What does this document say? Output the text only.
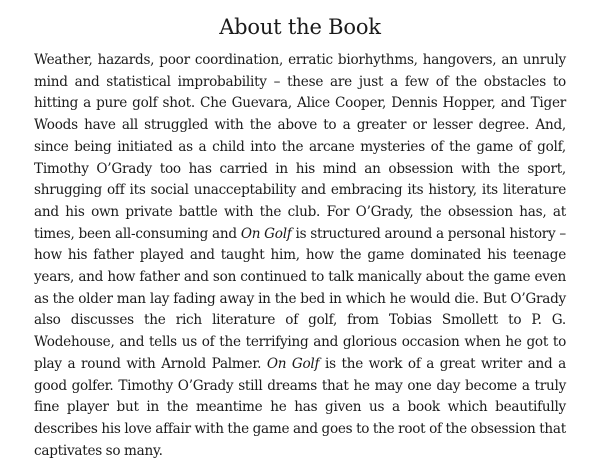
About the Book

Weather, hazards, poor coordination, erratic biorhythms, hangovers, an unruly mind and statistical improbability – these are just a few of the obstacles to hitting a pure golf shot. Che Guevara, Alice Cooper, Dennis Hopper, and Tiger Woods have all struggled with the above to a greater or lesser degree. And, since being initiated as a child into the arcane mysteries of the game of golf, Timothy O’Grady too has carried in his mind an obsession with the sport, shrugging off its social unacceptability and embracing its history, its literature and his own private battle with the club. For O’Grady, the obsession has, at times, been all-consuming and On Golf is structured around a personal history – how his father played and taught him, how the game dominated his teenage years, and how father and son continued to talk manically about the game even as the older man lay fading away in the bed in which he would die. But O’Grady also discusses the rich literature of golf, from Tobias Smollett to P. G. Wodehouse, and tells us of the terrifying and glorious occasion when he got to play a round with Arnold Palmer. On Golf is the work of a great writer and a good golfer. Timothy O’Grady still dreams that he may one day become a truly fine player but in the meantime he has given us a book which beautifully describes his love affair with the game and goes to the root of the obsession that captivates so many.
